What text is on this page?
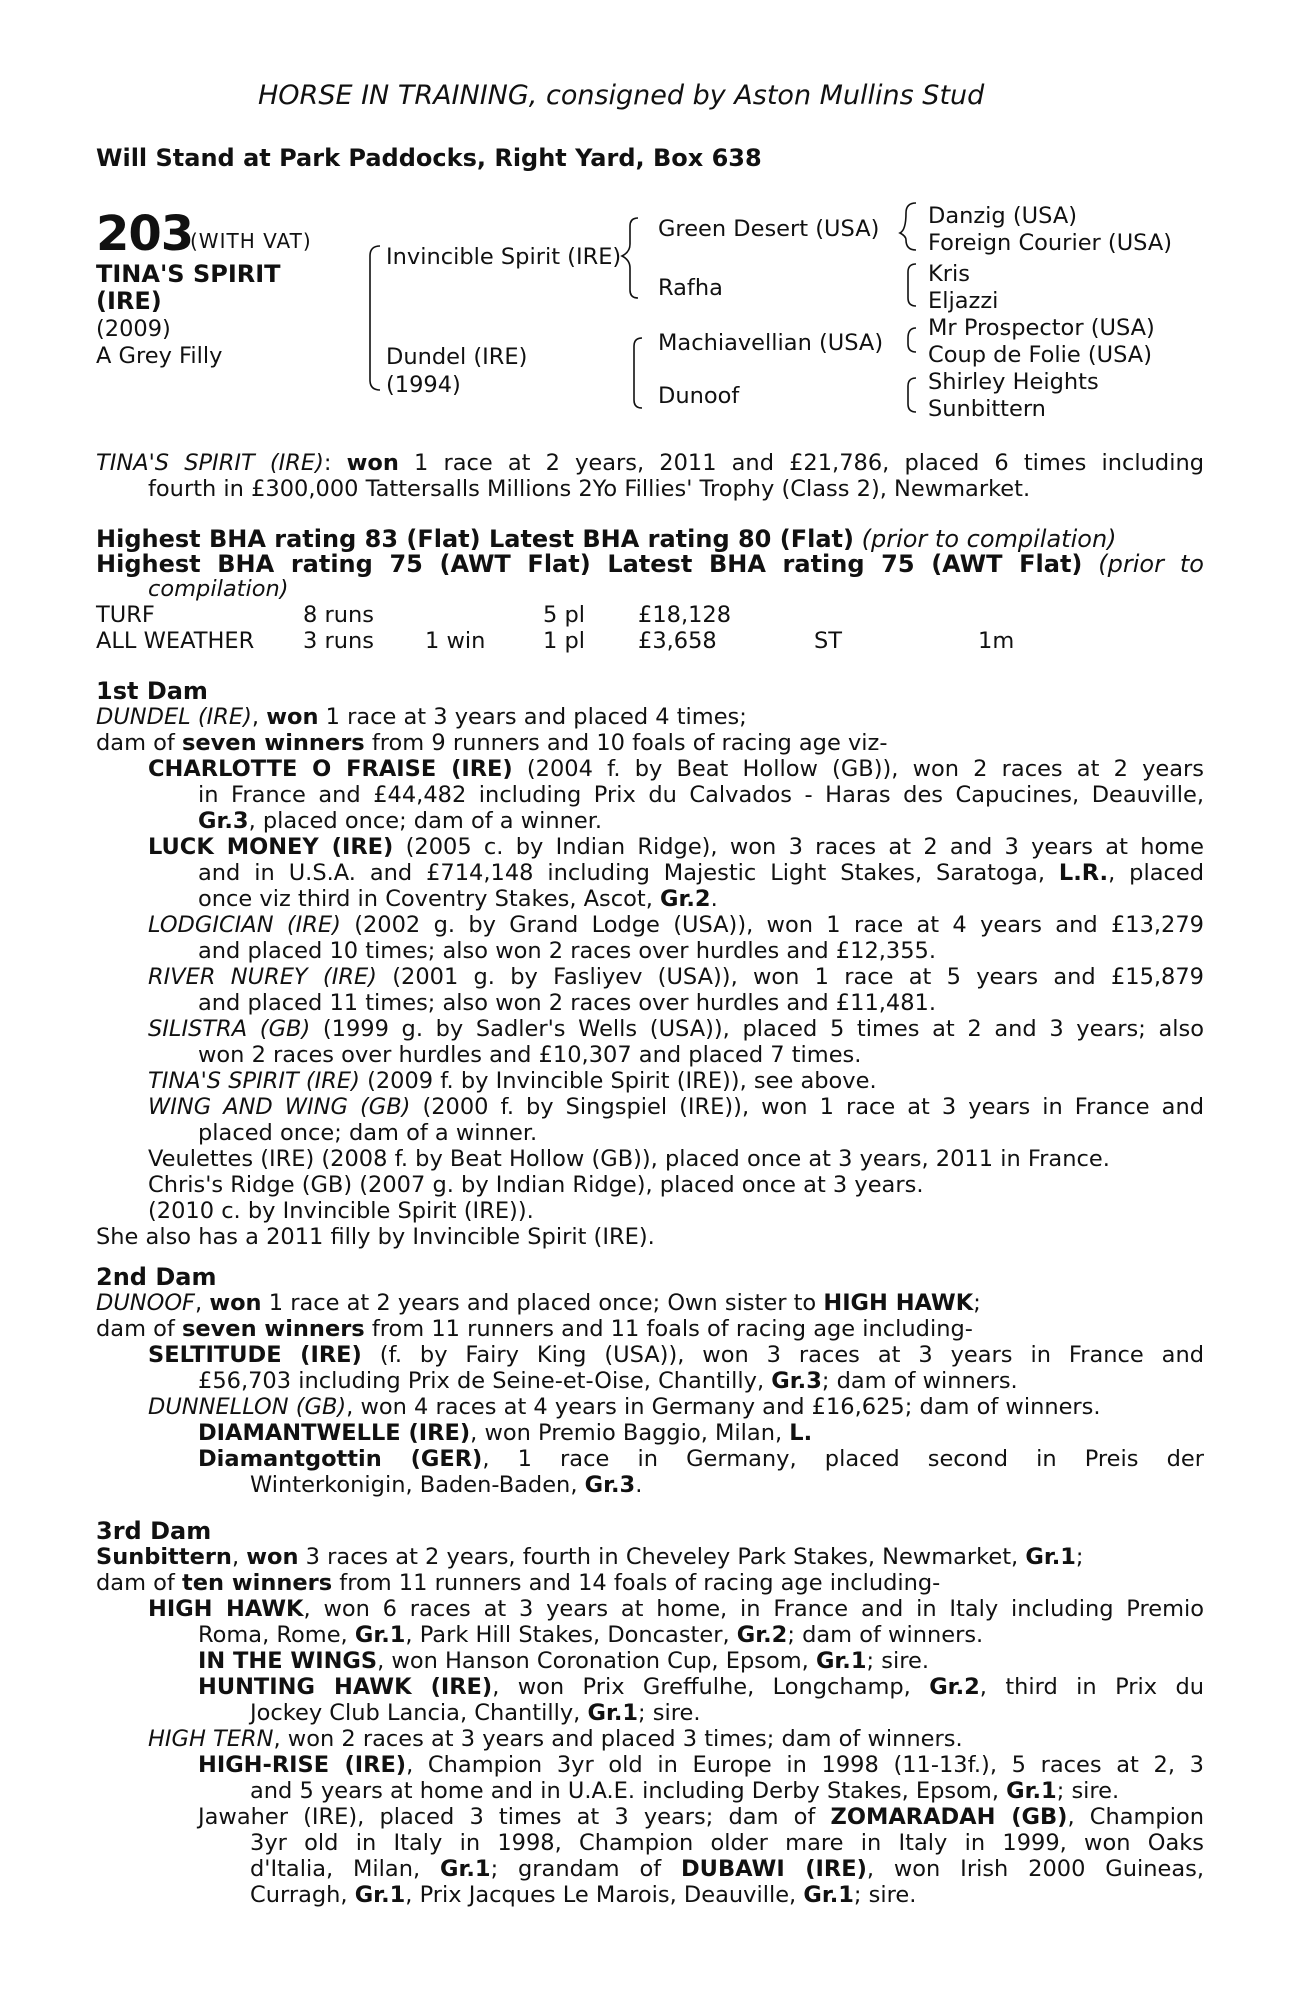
HORSE IN TRAINING, consigned by Aston Mullins Stud
Will Stand at Park Paddocks, Right Yard, Box 638
203
(WITH VAT)
TINA'S SPIRIT
(IRE)
(2009)
A Grey Filly
Invincible Spirit (IRE)
Dundel (IRE)
(1994)
Green Desert (USA)
Rafha
Machiavellian (USA)
Dunoof
Danzig (USA)
Foreign Courier (USA)
Kris
Eljazzi
Mr Prospector (USA)
Coup de Folie (USA)
Shirley Heights
Sunbittern
TINA'S SPIRIT (IRE): won 1 race at 2 years, 2011 and £21,786, placed 6 times including
fourth in £300,000 Tattersalls Millions 2Yo Fillies' Trophy (Class 2), Newmarket.
Highest BHA rating 83 (Flat) Latest BHA rating 80 (Flat) (prior to compilation)
Highest BHA rating 75 (AWT Flat) Latest BHA rating 75 (AWT Flat) (prior to
compilation)
TURF	8 runs	5 pl £18,128
ALL WEATHER 3 runs 1 win	1 pl £3,658	ST	1m
1st Dam
DUNDEL (IRE), won 1 race at 3 years and placed 4 times;
dam of seven winners from 9 runners and 10 foals of racing age viz-
CHARLOTTE O FRAISE (IRE) (2004 f. by Beat Hollow (GB)), won 2 races at 2 years
in France and £44,482 including Prix du Calvados - Haras des Capucines, Deauville,
Gr.3, placed once; dam of a winner.
LUCK MONEY (IRE) (2005 c. by Indian Ridge), won 3 races at 2 and 3 years at home
and in U.S.A. and £714,148 including Majestic Light Stakes, Saratoga, L.R., placed
once viz third in Coventry Stakes, Ascot, Gr.2.
LODGICIAN (IRE) (2002 g. by Grand Lodge (USA)), won 1 race at 4 years and £13,279
and placed 10 times; also won 2 races over hurdles and £12,355.
RIVER NUREY (IRE) (2001 g. by Fasliyev (USA)), won 1 race at 5 years and £15,879
and placed 11 times; also won 2 races over hurdles and £11,481.
SILISTRA (GB) (1999 g. by Sadler's Wells (USA)), placed 5 times at 2 and 3 years; also
won 2 races over hurdles and £10,307 and placed 7 times.
TINA'S SPIRIT (IRE) (2009 f. by Invincible Spirit (IRE)), see above.
WING AND WING (GB) (2000 f. by Singspiel (IRE)), won 1 race at 3 years in France and
placed once; dam of a winner.
Veulettes (IRE) (2008 f. by Beat Hollow (GB)), placed once at 3 years, 2011 in France.
Chris's Ridge (GB) (2007 g. by Indian Ridge), placed once at 3 years.
(2010 c. by Invincible Spirit (IRE)).
She also has a 2011 filly by Invincible Spirit (IRE).
2nd Dam
DUNOOF, won 1 race at 2 years and placed once; Own sister to HIGH HAWK;
dam of seven winners from 11 runners and 11 foals of racing age including-
SELTITUDE (IRE) (f. by Fairy King (USA)), won 3 races at 3 years in France and
£56,703 including Prix de Seine-et-Oise, Chantilly, Gr.3; dam of winners.
DUNNELLON (GB), won 4 races at 4 years in Germany and £16,625; dam of winners.
DIAMANTWELLE (IRE), won Premio Baggio, Milan, L.
Diamantgottin (GER), 1 race in Germany, placed second in Preis der
Winterkonigin, Baden-Baden, Gr.3.
3rd Dam
Sunbittern, won 3 races at 2 years, fourth in Cheveley Park Stakes, Newmarket, Gr.1;
dam of ten winners from 11 runners and 14 foals of racing age including-
HIGH HAWK, won 6 races at 3 years at home, in France and in Italy including Premio
Roma, Rome, Gr.1, Park Hill Stakes, Doncaster, Gr.2; dam of winners.
IN THE WINGS, won Hanson Coronation Cup, Epsom, Gr.1; sire.
HUNTING HAWK (IRE), won Prix Greffulhe, Longchamp, Gr.2, third in Prix du
Jockey Club Lancia, Chantilly, Gr.1; sire.
HIGH TERN, won 2 races at 3 years and placed 3 times; dam of winners.
HIGH-RISE (IRE), Champion 3yr old in Europe in 1998 (11-13f.), 5 races at 2, 3
and 5 years at home and in U.A.E. including Derby Stakes, Epsom, Gr.1; sire.
Jawaher (IRE), placed 3 times at 3 years; dam of ZOMARADAH (GB), Champion
3yr old in Italy in 1998, Champion older mare in Italy in 1999, won Oaks
d'Italia, Milan, Gr.1; grandam of DUBAWI (IRE), won Irish 2000 Guineas,
Curragh, Gr.1, Prix Jacques Le Marois, Deauville, Gr.1; sire.
